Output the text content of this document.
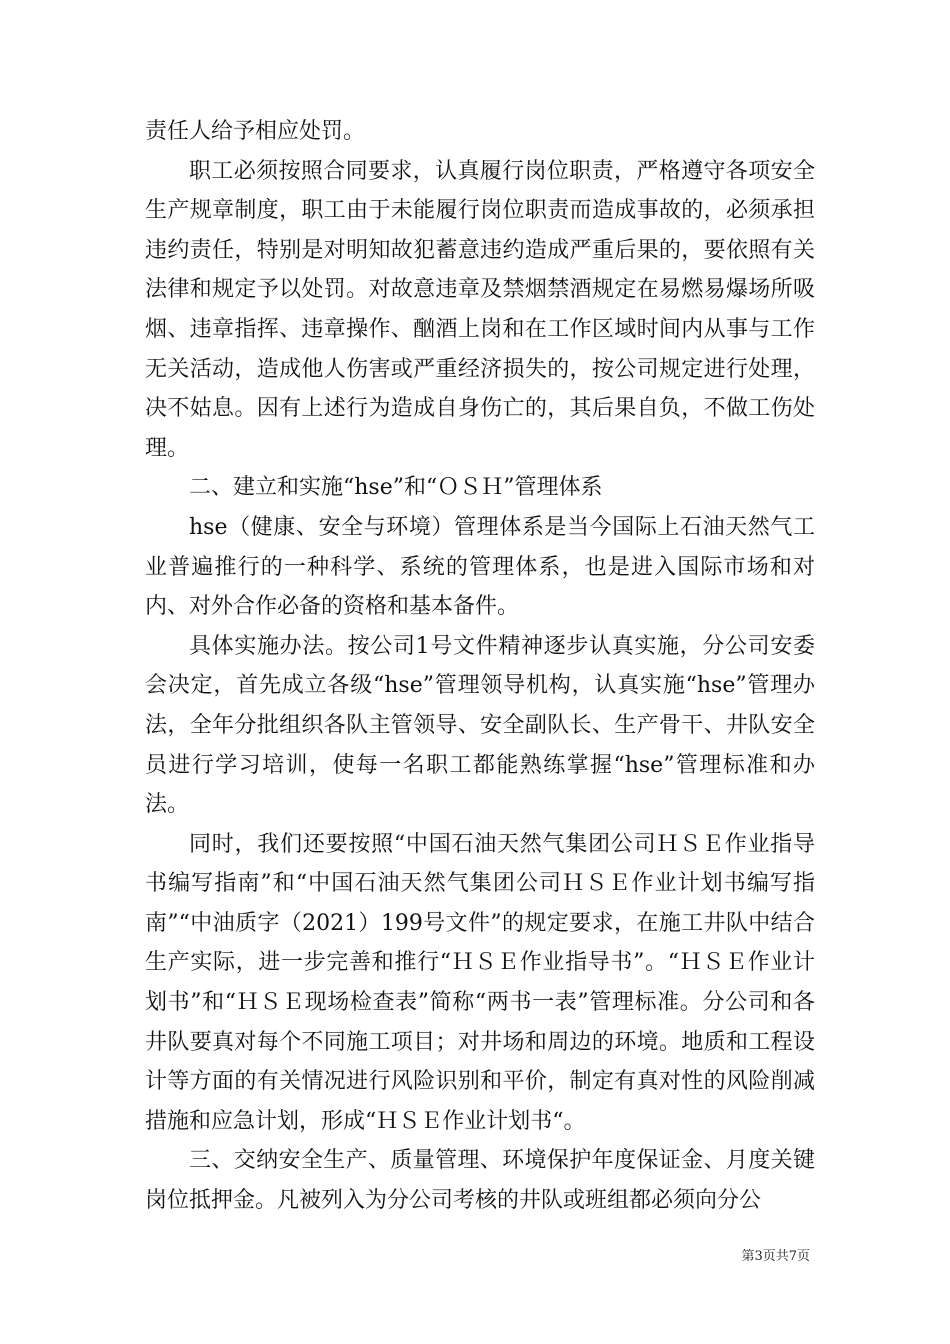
责任人给予相应处罚。

职工必须按照合同要求，认真履行岗位职责，严格遵守各项安全生产规章制度，职工由于未能履行岗位职责而造成事故的，必须承担违约责任，特别是对明知故犯蓄意违约造成严重后果的，要依照有关法律和规定予以处罚。对故意违章及禁烟禁酒规定在易燃易爆场所吸烟、违章指挥、违章操作、酗酒上岗和在工作区域时间内从事与工作无关活动，造成他人伤害或严重经济损失的，按公司规定进行处理，决不姑息。因有上述行为造成自身伤亡的，其后果自负，不做工伤处理。

二、建立和实施“hse”和“ＯＳＨ”管理体系

hse（健康、安全与环境）管理体系是当今国际上石油天然气工业普遍推行的一种科学、系统的管理体系，也是进入国际市场和对内、对外合作必备的资格和基本备件。

具体实施办法。按公司1号文件精神逐步认真实施，分公司安委会决定，首先成立各级“hse”管理领导机构，认真实施“hse”管理办法，全年分批组织各队主管领导、安全副队长、生产骨干、井队安全员进行学习培训，使每一名职工都能熟练掌握“hse”管理标准和办法。

同时，我们还要按照“中国石油天然气集团公司ＨＳＥ作业指导书编写指南”和“中国石油天然气集团公司ＨＳＥ作业计划书编写指南”“中油质字（2021）199号文件”的规定要求，在施工井队中结合生产实际，进一步完善和推行“ＨＳＥ作业指导书”。“ＨＳＥ作业计划书”和“ＨＳＥ现场检查表”简称“两书一表”管理标准。分公司和各井队要真对每个不同施工项目；对井场和周边的环境。地质和工程设计等方面的有关情况进行风险识别和平价，制定有真对性的风险削减措施和应急计划，形成“ＨＳＥ作业计划书“。

三、交纳安全生产、质量管理、环境保护年度保证金、月度关键岗位抵押金。凡被列入为分公司考核的井队或班组都必须向分公

第3页共7页
